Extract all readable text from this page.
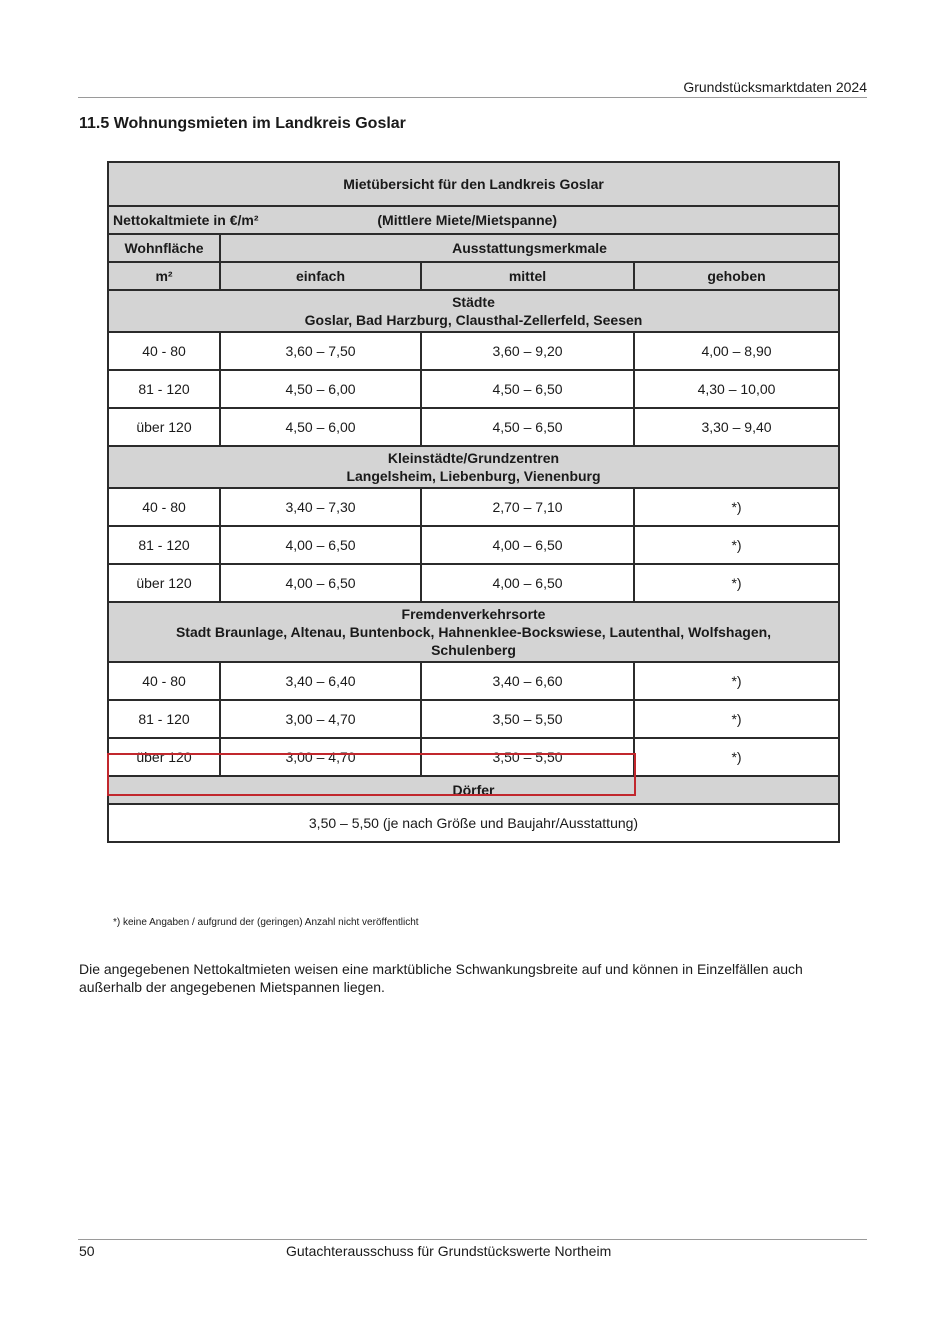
Grundstücksmarktdaten 2024
11.5 Wohnungsmieten im Landkreis Goslar
Mietübersicht für den Landkreis Goslar			
Nettokaltmiete in €/m² (Mittlere Miete/Mietspanne)			
Wohnfläche	Ausstattungsmerkmale		
m²	einfach	mittel	gehoben

Städte
Goslar, Bad Harzburg, Clausthal-Zellerfeld, Seesen			

40 - 80	3,60 – 7,50	3,60 – 9,20	4,00 – 8,90
81 - 120	4,50 – 6,00	4,50 – 6,50	4,30 – 10,00
über 120	4,50 – 6,00	4,50 – 6,50	3,30 – 9,40

Kleinstädte/Grundzentren
Langelsheim, Liebenburg, Vienenburg			

40 - 80	3,40 – 7,30	2,70 – 7,10	*)
81 - 120	4,00 – 6,50	4,00 – 6,50	*)
über 120	4,00 – 6,50	4,00 – 6,50	*)

Fremdenverkehrsorte
Stadt Braunlage, Altenau, Buntenbock, Hahnenklee-Bockswiese, Lautenthal, Wolfshagen,
Schulenberg			

40 - 80	3,40 – 6,40	3,40 – 6,60	*)
81 - 120	3,00 – 4,70	3,50 – 5,50	*)
über 120	3,00 – 4,70	3,50 – 5,50	*)
Dörfer			
3,50 – 5,50 (je nach Größe und Baujahr/Ausstattung)			
*) keine Angaben / aufgrund der (geringen) Anzahl nicht veröffentlicht
Die angegebenen Nettokaltmieten weisen eine marktübliche Schwankungsbreite auf und können in Einzelfällen auch außerhalb der angegebenen Mietspannen liegen.
50	Gutachterausschuss für Grundstückswerte Northeim
